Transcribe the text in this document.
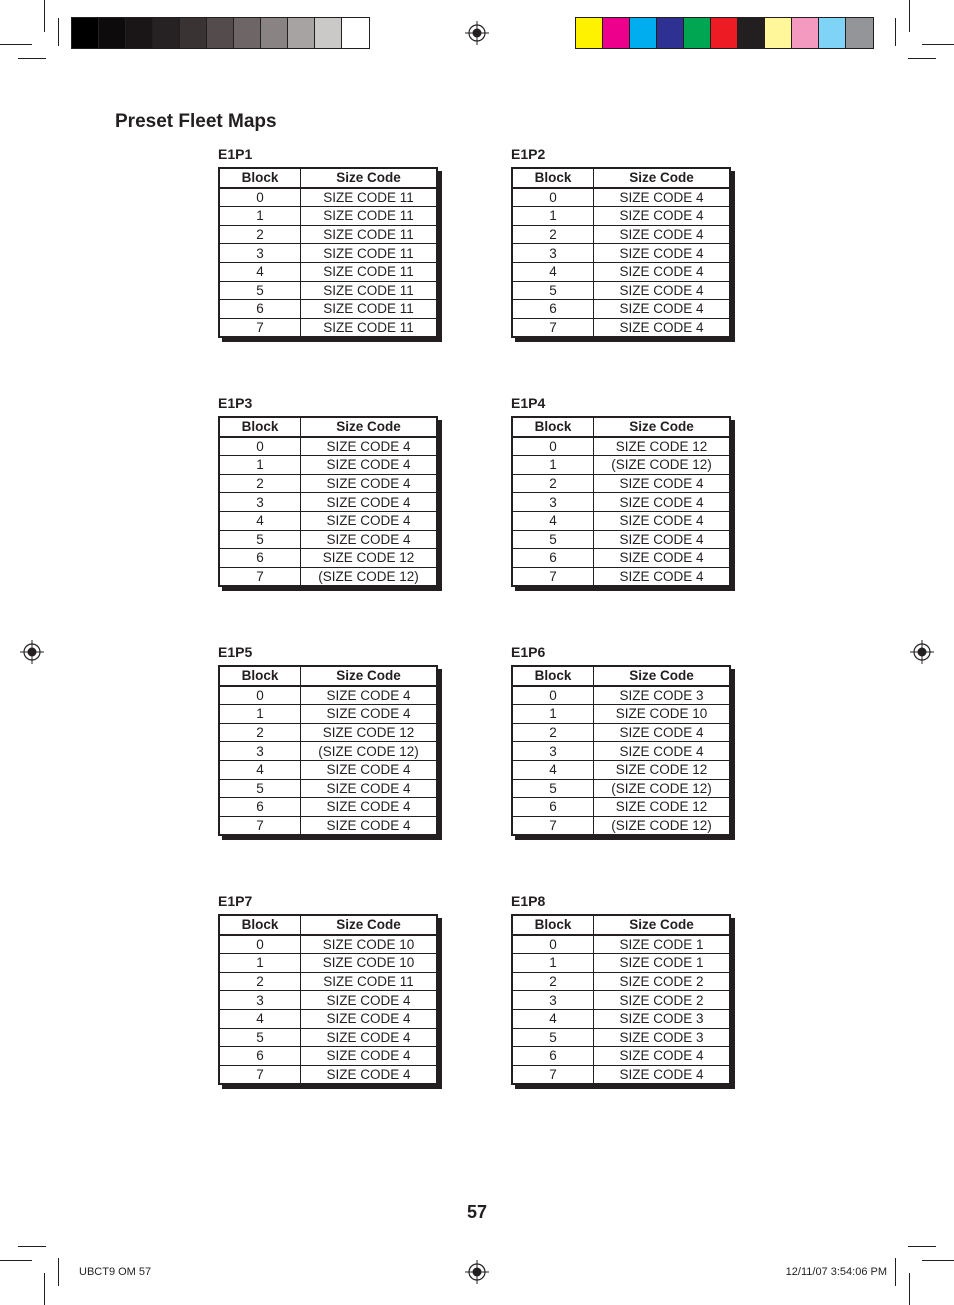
Preset Fleet Maps
E1P1
Block	Size Code
0	SIZE CODE 11
1	SIZE CODE 11
2	SIZE CODE 11
3	SIZE CODE 11
4	SIZE CODE 11
5	SIZE CODE 11
6	SIZE CODE 11
7	SIZE CODE 11
E1P2
Block	Size Code
0	SIZE CODE 4
1	SIZE CODE 4
2	SIZE CODE 4
3	SIZE CODE 4
4	SIZE CODE 4
5	SIZE CODE 4
6	SIZE CODE 4
7	SIZE CODE 4
E1P3
Block	Size Code
0	SIZE CODE 4
1	SIZE CODE 4
2	SIZE CODE 4
3	SIZE CODE 4
4	SIZE CODE 4
5	SIZE CODE 4
6	SIZE CODE 12
7	(SIZE CODE 12)
E1P4
Block	Size Code
0	SIZE CODE 12
1	(SIZE CODE 12)
2	SIZE CODE 4
3	SIZE CODE 4
4	SIZE CODE 4
5	SIZE CODE 4
6	SIZE CODE 4
7	SIZE CODE 4
E1P5
Block	Size Code
0	SIZE CODE 4
1	SIZE CODE 4
2	SIZE CODE 12
3	(SIZE CODE 12)
4	SIZE CODE 4
5	SIZE CODE 4
6	SIZE CODE 4
7	SIZE CODE 4
E1P6
Block	Size Code
0	SIZE CODE 3
1	SIZE CODE 10
2	SIZE CODE 4
3	SIZE CODE 4
4	SIZE CODE 12
5	(SIZE CODE 12)
6	SIZE CODE 12
7	(SIZE CODE 12)
E1P7
Block	Size Code
0	SIZE CODE 10
1	SIZE CODE 10
2	SIZE CODE 11
3	SIZE CODE 4
4	SIZE CODE 4
5	SIZE CODE 4
6	SIZE CODE 4
7	SIZE CODE 4
E1P8
Block	Size Code
0	SIZE CODE 1
1	SIZE CODE 1
2	SIZE CODE 2
3	SIZE CODE 2
4	SIZE CODE 3
5	SIZE CODE 3
6	SIZE CODE 4
7	SIZE CODE 4
57
UBCT9 OM 57	12/11/07 3:54:06 PM
